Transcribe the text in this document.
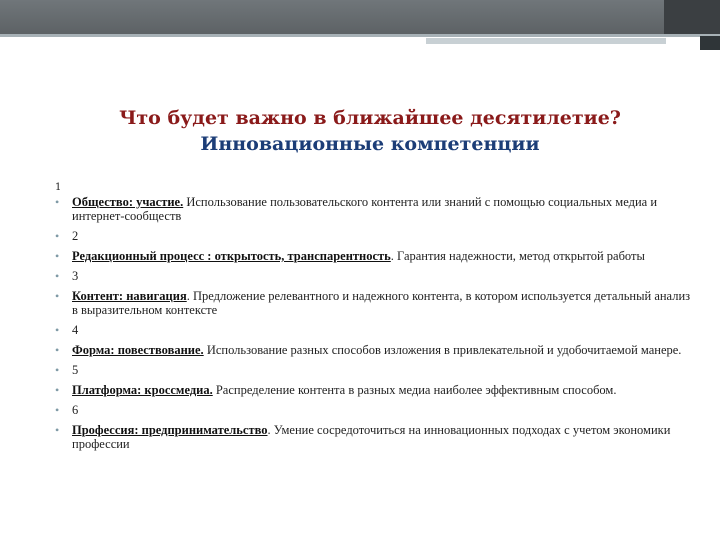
Что будет важно в ближайшее десятилетие?
Инновационные компетенции
1
• Общество: участие. Использование пользовательского контента или знаний с помощью социальных медиа и интернет-сообществ
• 2
• Редакционный процесс : открытость, транспарентность. Гарантия надежности, метод открытой работы
• 3
• Контент: навигация. Предложение релевантного и надежного контента, в котором используется детальный анализ в выразительном контексте
• 4
• Форма: повествование. Использование разных способов изложения в привлекательной и удобочитаемой манере.
• 5
• Платформа: кроссмедиа. Распределение контента в разных медиа наиболее эффективным способом.
• 6
• Профессия: предпринимательство. Умение сосредоточиться на инновационных подходах с учетом экономики профессии
